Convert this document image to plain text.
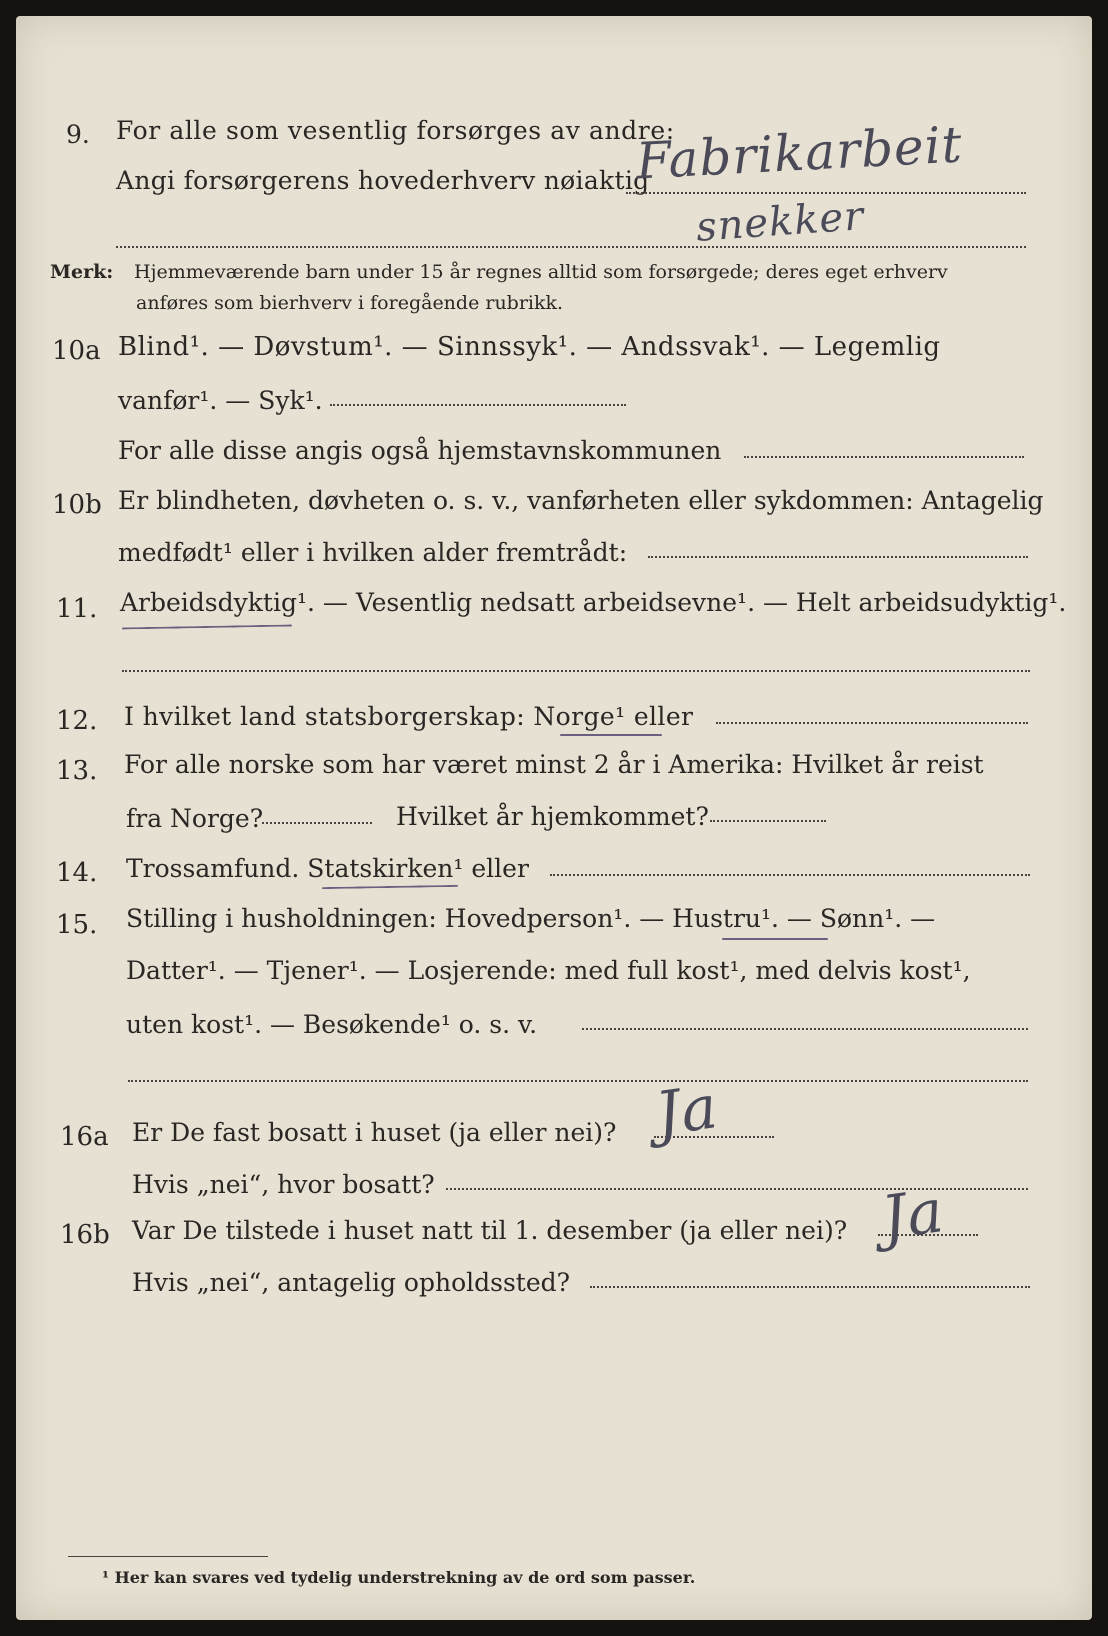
9. For alle som vesentlig forsørges av andre:
Angi forsørgerens hovederhverv nøiaktig
Fabrikarbeit
snekker
Merk: Hjemmeværende barn under 15 år regnes alltid som forsørgede; deres eget erhverv
anføres som bierhverv i foregående rubrikk.
10a Blind¹. — Døvstum¹. — Sinnssyk¹. — Andssvak¹. — Legemlig
vanfør¹. — Syk¹.
For alle disse angis også hjemstavnskommunen
10b Er blindheten, døvheten o. s. v., vanførheten eller sykdommen: Antagelig
medfødt¹ eller i hvilken alder fremtrådt:
11. Arbeidsdyktig¹. — Vesentlig nedsatt arbeidsevne¹. — Helt arbeidsudyktig¹.
12. I hvilket land statsborgerskap: Norge¹ eller
13. For alle norske som har været minst 2 år i Amerika: Hvilket år reist
fra Norge?	Hvilket år hjemkommet?
14. Trossamfund. Statskirken¹ eller
15. Stilling i husholdningen: Hovedperson¹. — Hustru¹. — Sønn¹. —
Datter¹. — Tjener¹. — Losjerende: med full kost¹, med delvis kost¹,
uten kost¹. — Besøkende¹ o. s. v.
16a Er De fast bosatt i huset (ja eller nei)? Ja
Hvis „nei“, hvor bosatt?
16b Var De tilstede i huset natt til 1. desember (ja eller nei)? Ja
Hvis „nei“, antagelig opholdssted?
¹ Her kan svares ved tydelig understrekning av de ord som passer.
